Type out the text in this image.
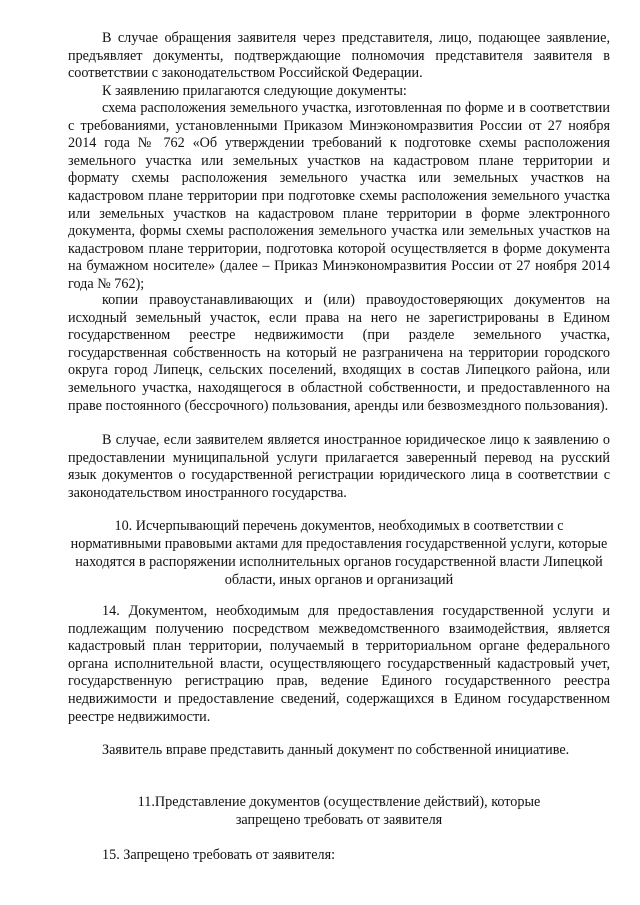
В случае обращения заявителя через представителя, лицо, подающее заявление, предъявляет документы, подтверждающие полномочия представителя заявителя в соответствии с законодательством Российской Федерации.

К заявлению прилагаются следующие документы:

схема расположения земельного участка, изготовленная по форме и в соответствии с требованиями, установленными Приказом Минэкономразвития России от 27 ноября 2014 года № 762 «Об утверждении требований к подготовке схемы расположения земельного участка или земельных участков на кадастровом плане территории и формату схемы расположения земельного участка или земельных участков на кадастровом плане территории при подготовке схемы расположения земельного участка или земельных участков на кадастровом плане территории в форме электронного документа, формы схемы расположения земельного участка или земельных участков на кадастровом плане территории, подготовка которой осуществляется в форме документа на бумажном носителе» (далее – Приказ Минэкономразвития России от 27 ноября 2014 года № 762);

копии правоустанавливающих и (или) правоудостоверяющих документов на исходный земельный участок, если права на него не зарегистрированы в Едином государственном реестре недвижимости (при разделе земельного участка, государственная собственность на который не разграничена на территории городского округа город Липецк, сельских поселений, входящих в состав Липецкого района, или земельного участка, находящегося в областной собственности, и предоставленного на праве постоянного (бессрочного) пользования, аренды или безвозмездного пользования).

В случае, если заявителем является иностранное юридическое лицо к заявлению о предоставлении муниципальной услуги прилагается заверенный перевод на русский язык документов о государственной регистрации юридического лица в соответствии с законодательством иностранного государства.

10. Исчерпывающий перечень документов, необходимых в соответствии с нормативными правовыми актами для предоставления государственной услуги, которые находятся в распоряжении исполнительных органов государственной власти Липецкой области, иных органов и организаций

14. Документом, необходимым для предоставления государственной услуги и подлежащим получению посредством межведомственного взаимодействия, является кадастровый план территории, получаемый в территориальном органе федерального органа исполнительной власти, осуществляющего государственный кадастровый учет, государственную регистрацию прав, ведение Единого государственного реестра недвижимости и предоставление сведений, содержащихся в Едином государственном реестре недвижимости.

Заявитель вправе представить данный документ по собственной инициативе.

11.Представление документов (осуществление действий), которые

запрещено требовать от заявителя

15. Запрещено требовать от заявителя:
